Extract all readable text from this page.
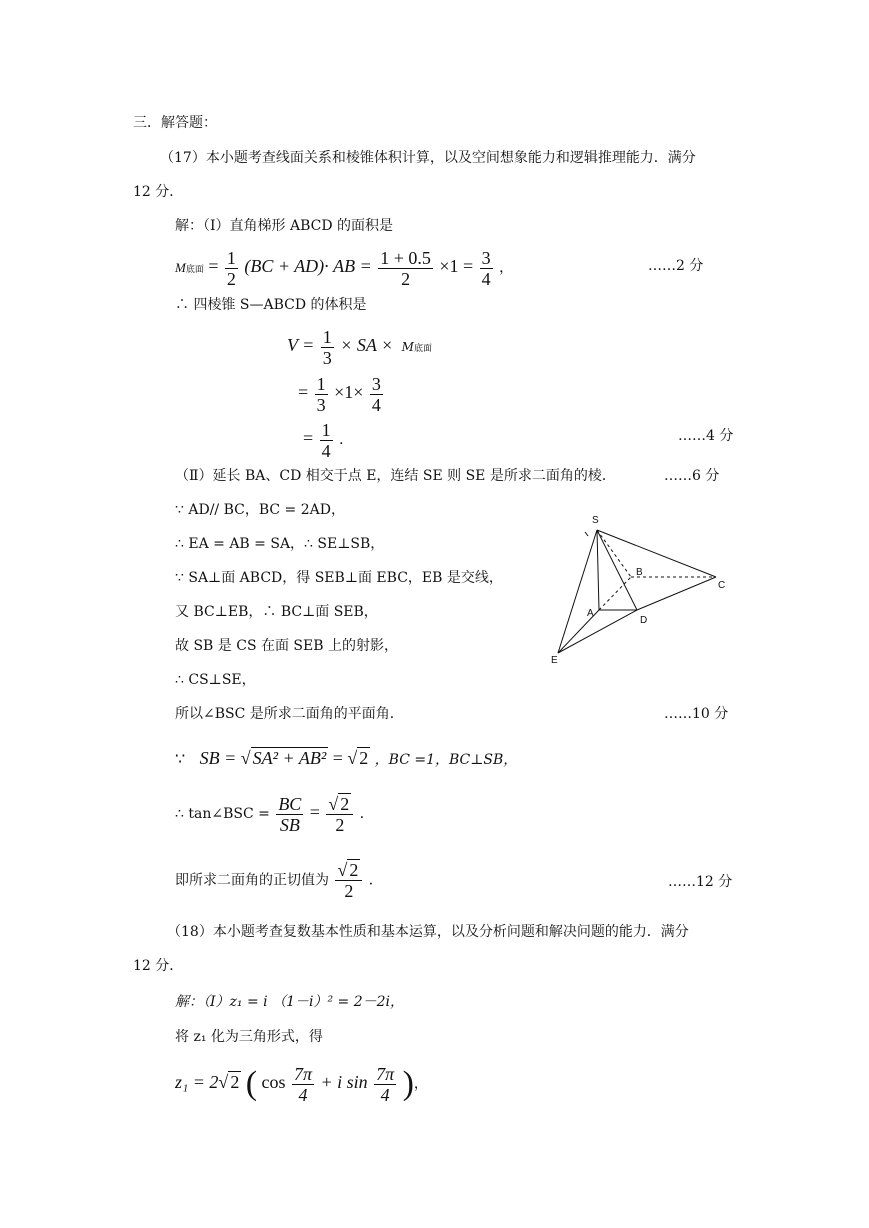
三．解答题：
（17）本小题考查线面关系和棱锥体积计算，以及空间想象能力和逻辑推理能力．满分
12 分．
解：（Ⅰ）直角梯形 ABCD 的面积是
M底面 = $\frac{1}{2} (BC + AD)\cdot$ AB = $\frac{1 + 0.5}{2} \times 1 = \frac{3}{4}$ ，	……2 分
∴ 四棱锥 S—ABCD 的体积是
$V = \frac{1}{3}$ × SA × M底面
= $\frac{1}{3} \times 1\times \frac{3}{4}$
= $\frac{1}{4}$ ．	……4 分
（Ⅱ）延长 BA、CD 相交于点 E，连结 SE 则 SE 是所求二面角的棱．	……6 分
∵ AD// BC，BC = 2AD，
∴ EA = AB = SA，∴ SE⊥SB，
∵ SA⊥面 ABCD，得 SEB⊥面 EBC，EB 是交线，
又 BC⊥EB，∴ BC⊥面 SEB，
故 SB 是 CS 在面 SEB 上的射影，
∴ CS⊥SE，
所以∠BSC 是所求二面角的平面角．	……10 分
S
B
C
A
D
E
∵ SB = √ SA² + AB² = √ 2 ，BC =1，BC⊥SB，
∴ tan∠BSC = $\frac{BC}{SB} = \frac{√ 2}{2}$ ．
即所求二面角的正切值为 $\frac{√ 2}{2}$ ．	……12 分
（18）本小题考查复数基本性质和基本运算，以及分析问题和解决问题的能力．满分
12 分．
解：（Ⅰ）z₁ = i （1－i）² = 2－2i，
将 z₁ 化为三角形式，得
z₁ = 2√ 2 ( $\cos \frac{7\pi}{4} + i$ $\sin \frac{7\pi}{4}$ )，
